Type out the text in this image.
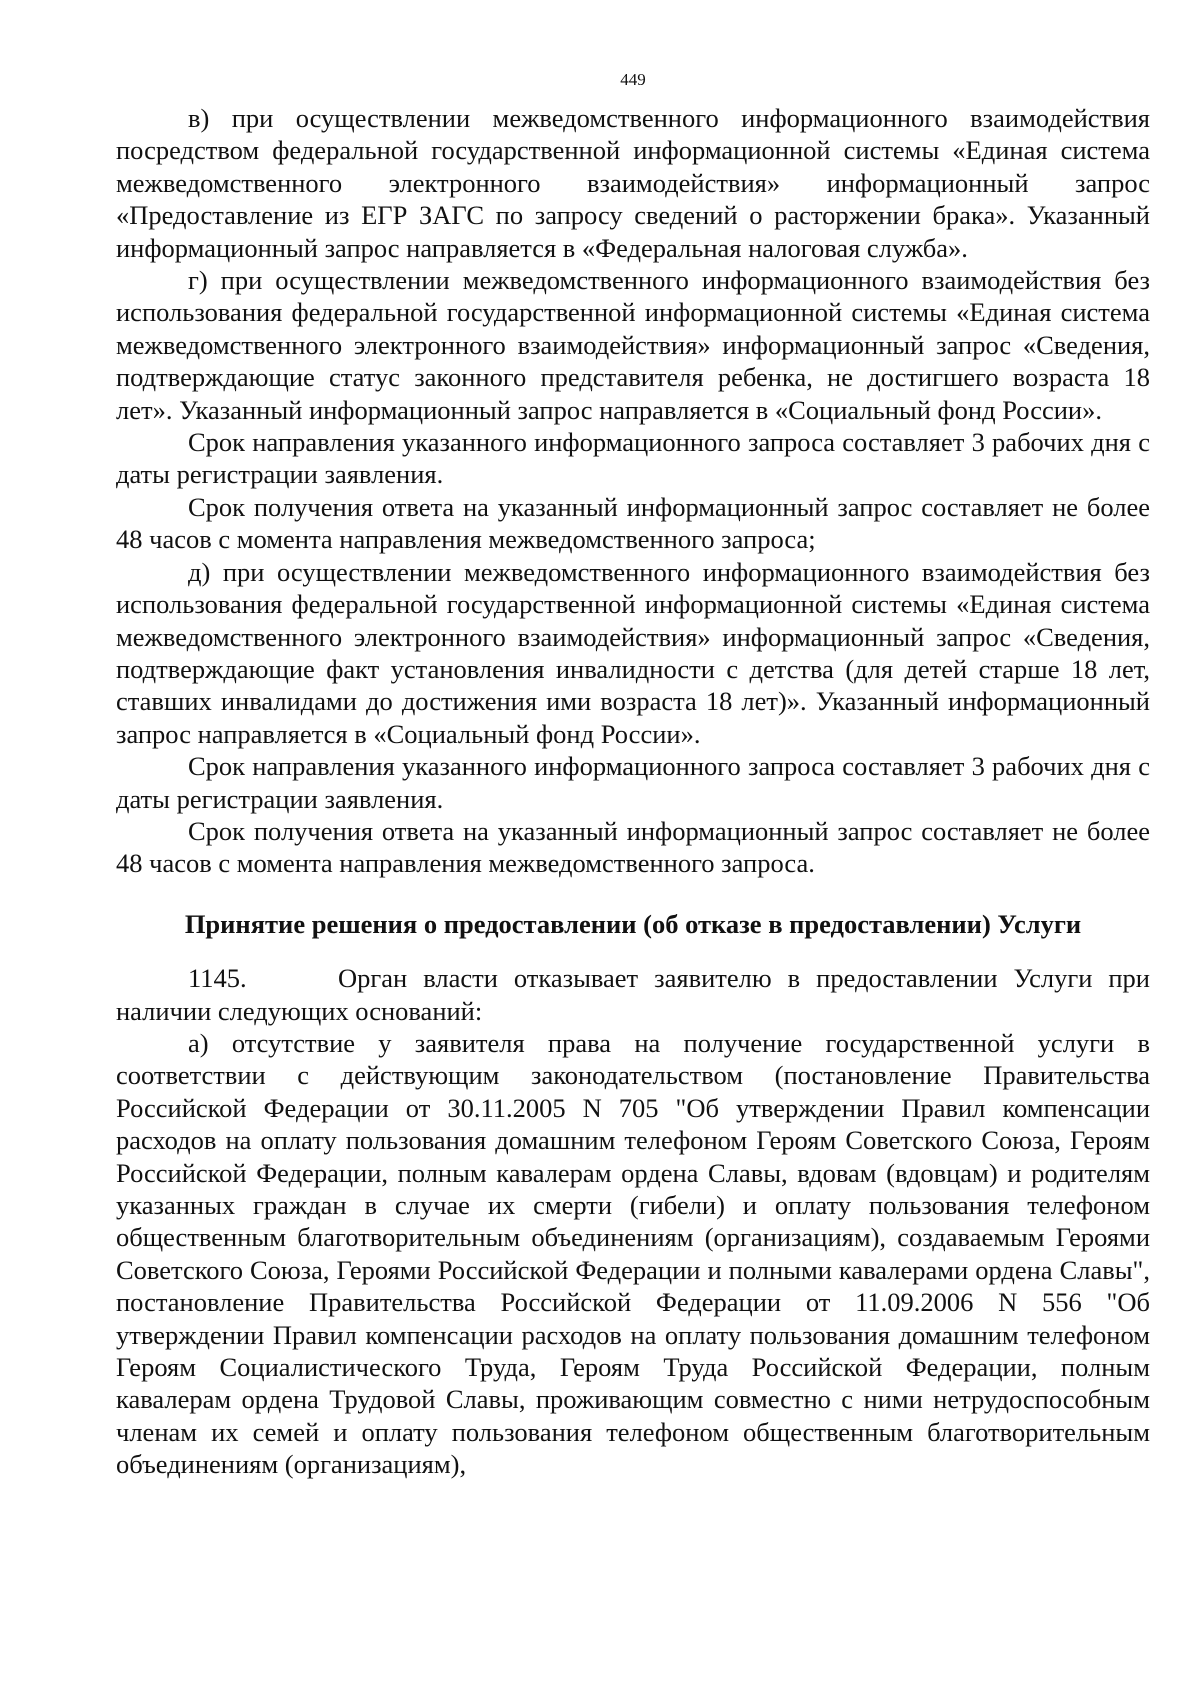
449

в) при осуществлении межведомственного информационного взаимодействия посредством федеральной государственной информационной системы «Единая система межведомственного электронного взаимодействия» информационный запрос «Предоставление из ЕГР ЗАГС по запросу сведений о расторжении брака». Указанный информационный запрос направляется в «Федеральная налоговая служба».

г) при осуществлении межведомственного информационного взаимодействия без использования федеральной государственной информационной системы «Единая система межведомственного электронного взаимодействия» информационный запрос «Сведения, подтверждающие статус законного представителя ребенка, не достигшего возраста 18 лет». Указанный информационный запрос направляется в «Социальный фонд России».

Срок направления указанного информационного запроса составляет 3 рабочих дня с даты регистрации заявления.

Срок получения ответа на указанный информационный запрос составляет не более 48 часов с момента направления межведомственного запроса;

д) при осуществлении межведомственного информационного взаимодействия без использования федеральной государственной информационной системы «Единая система межведомственного электронного взаимодействия» информационный запрос «Сведения, подтверждающие факт установления инвалидности с детства (для детей старше 18 лет, ставших инвалидами до достижения ими возраста 18 лет)». Указанный информационный запрос направляется в «Социальный фонд России».

Срок направления указанного информационного запроса составляет 3 рабочих дня с даты регистрации заявления.

Срок получения ответа на указанный информационный запрос составляет не более 48 часов с момента направления межведомственного запроса.

Принятие решения о предоставлении (об отказе в предоставлении) Услуги

1145.	Орган власти отказывает заявителю в предоставлении Услуги при наличии следующих оснований:

а) отсутствие у заявителя права на получение государственной услуги в соответствии с действующим законодательством (постановление Правительства Российской Федерации от 30.11.2005 N 705 "Об утверждении Правил компенсации расходов на оплату пользования домашним телефоном Героям Советского Союза, Героям Российской Федерации, полным кавалерам ордена Славы, вдовам (вдовцам) и родителям указанных граждан в случае их смерти (гибели) и оплату пользования телефоном общественным благотворительным объединениям (организациям), создаваемым Героями Советского Союза, Героями Российской Федерации и полными кавалерами ордена Славы", постановление Правительства Российской Федерации от 11.09.2006 N 556 "Об утверждении Правил компенсации расходов на оплату пользования домашним телефоном Героям Социалистического Труда, Героям Труда Российской Федерации, полным кавалерам ордена Трудовой Славы, проживающим совместно с ними нетрудоспособным членам их семей и оплату пользования телефоном общественным благотворительным объединениям (организациям),
